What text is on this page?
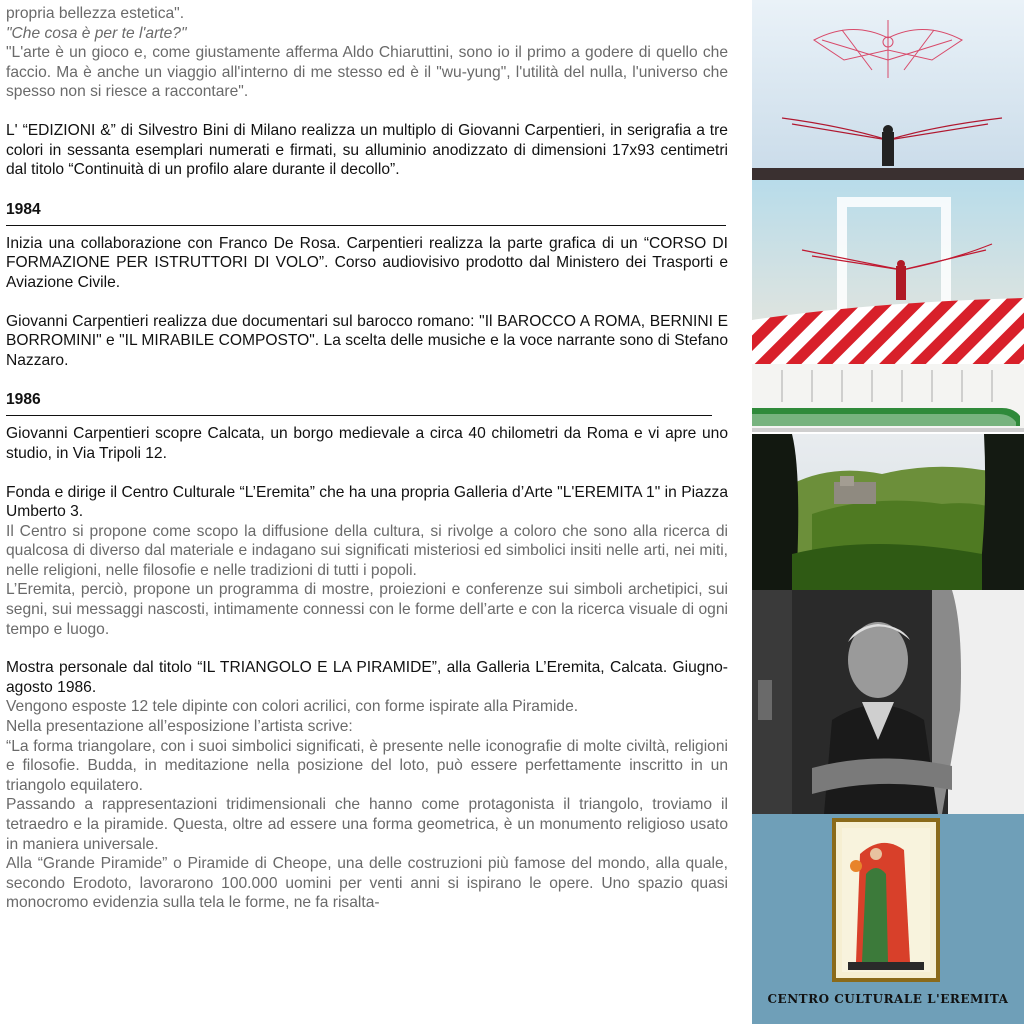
propria bellezza estetica".

"Che cosa è per te l'arte?"

"L'arte è un gioco e, come giustamente afferma Aldo Chiaruttini, sono io il primo a godere di quello che faccio. Ma è anche un viaggio all'interno di me stesso ed è il "wu-yung", l'utilità del nulla, l'universo che spesso non si riesce a raccontare".

L' “EDIZIONI &” di Silvestro Bini di Milano realizza un multiplo di Giovanni Carpentieri, in serigrafia a tre colori in sessanta esemplari numerati e firmati, su alluminio anodizzato di dimensioni 17x93 centimetri dal titolo “Continuità di un profilo alare durante il decollo”.

1984

Inizia una collaborazione con Franco De Rosa. Carpentieri realizza la parte grafica di un “CORSO DI FORMAZIONE PER ISTRUTTORI DI VOLO”. Corso audiovisivo prodotto dal Ministero dei Trasporti e Aviazione Civile.

Giovanni Carpentieri realizza due documentari sul barocco romano: "Il BAROCCO A ROMA, BERNINI E BORROMINI" e "IL MIRABILE COMPOSTO". La scelta delle musiche e la voce narrante sono di Stefano Nazzaro.

1986

Giovanni Carpentieri scopre Calcata, un borgo medievale a circa 40 chilometri da Roma e vi apre uno studio, in Via Tripoli 12.

Fonda e dirige il Centro Culturale “L’Eremita” che ha una propria Galleria d’Arte "L'EREMITA 1" in Piazza Umberto 3.

Il Centro si propone come scopo la diffusione della cultura, si rivolge a coloro che sono alla ricerca di qualcosa di diverso dal materiale e indagano sui significati misteriosi ed simbolici insiti nelle arti, nei miti, nelle religioni, nelle filosofie e nelle tradizioni di tutti i popoli.

L’Eremita, perciò, propone un programma di mostre, proiezioni e conferenze sui simboli archetipici, sui segni, sui messaggi nascosti, intimamente connessi con le forme dell’arte e con la ricerca visuale di ogni tempo e luogo.

Mostra personale dal titolo “IL TRIANGOLO E LA PIRAMIDE”, alla Galleria L’Eremita, Calcata. Giugno-agosto 1986.

Vengono esposte 12 tele dipinte con colori acrilici, con forme ispirate alla Piramide.

Nella presentazione all’esposizione l’artista scrive:

“La forma triangolare, con i suoi simbolici significati, è presente nelle iconografie di molte civiltà, religioni e filosofie. Budda, in meditazione nella posizione del loto, può essere perfettamente inscritto in un triangolo equilatero.

Passando a rappresentazioni tridimensionali che hanno come protagonista il triangolo, troviamo il tetraedro e la piramide. Questa, oltre ad essere una forma geometrica, è un monumento religioso usato in maniera universale.

Alla “Grande Piramide” o Piramide di Cheope, una delle costruzioni più famose del mondo, alla quale, secondo Erodoto, lavorarono 100.000 uomini per venti anni si ispirano le opere. Uno spazio quasi monocromo evidenzia sulla tela le forme, ne fa risalta-

CENTRO CULTURALE L'EREMITA
